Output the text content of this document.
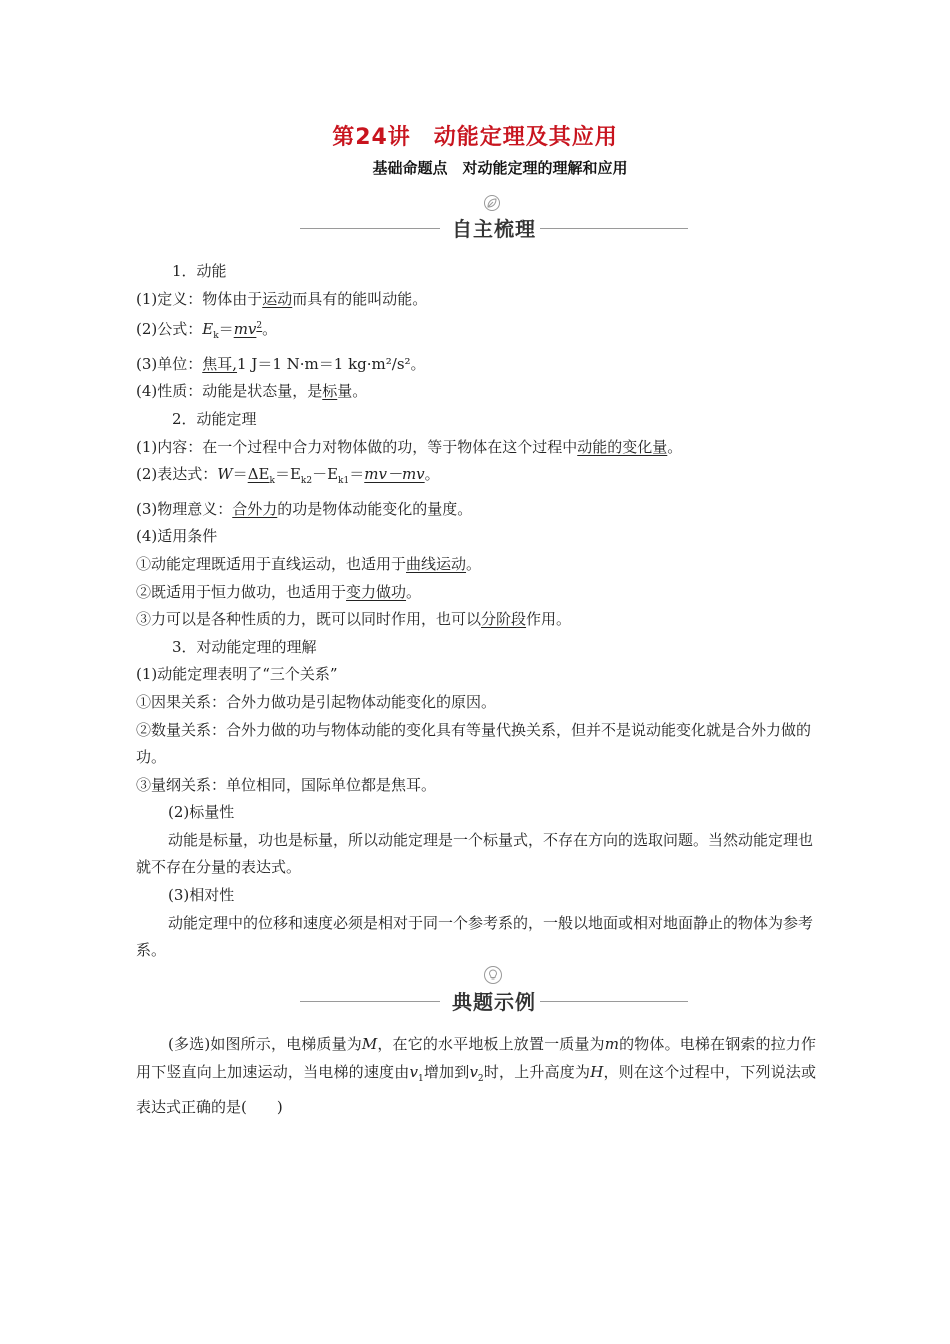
第24讲　动能定理及其应用
基础命题点　对动能定理的理解和应用
自主梳理

1．动能

(1)定义：物体由于运动而具有的能叫动能。

(2)公式：$E_k=mv^2$。

(3)单位：焦耳,1 J＝1 N·m＝1 kg·m²/s²。

(4)性质：动能是状态量，是标量。

2．动能定理

(1)内容：在一个过程中合力对物体做的功，等于物体在这个过程中动能的变化量。

(2)表达式：$W=\Delta E_k=E_{k2}-E_{k1}=mv-mv$。

(3)物理意义：合外力的功是物体动能变化的量度。

(4)适用条件

①动能定理既适用于直线运动，也适用于曲线运动。

②既适用于恒力做功，也适用于变力做功。

③力可以是各种性质的力，既可以同时作用，也可以分阶段作用。

3．对动能定理的理解

(1)动能定理表明了“三个关系”

①因果关系：合外力做功是引起物体动能变化的原因。

②数量关系：合外力做的功与物体动能的变化具有等量代换关系，但并不是说动能变化就是合外力做的功。

③量纲关系：单位相同，国际单位都是焦耳。

(2)标量性

动能是标量，功也是标量，所以动能定理是一个标量式，不存在方向的选取问题。当然动能定理也就不存在分量的表达式。

(3)相对性

动能定理中的位移和速度必须是相对于同一个参考系的，一般以地面或相对地面静止的物体为参考系。

典题示例
(多选)如图所示，电梯质量为M，在它的水平地板上放置一质量为m的物体。电梯在钢索的拉力作用下竖直向上加速运动，当电梯的速度由$v_1$增加到$v_2$时，上升高度为H，则在这个过程中，下列说法或表达式正确的是(　　)
